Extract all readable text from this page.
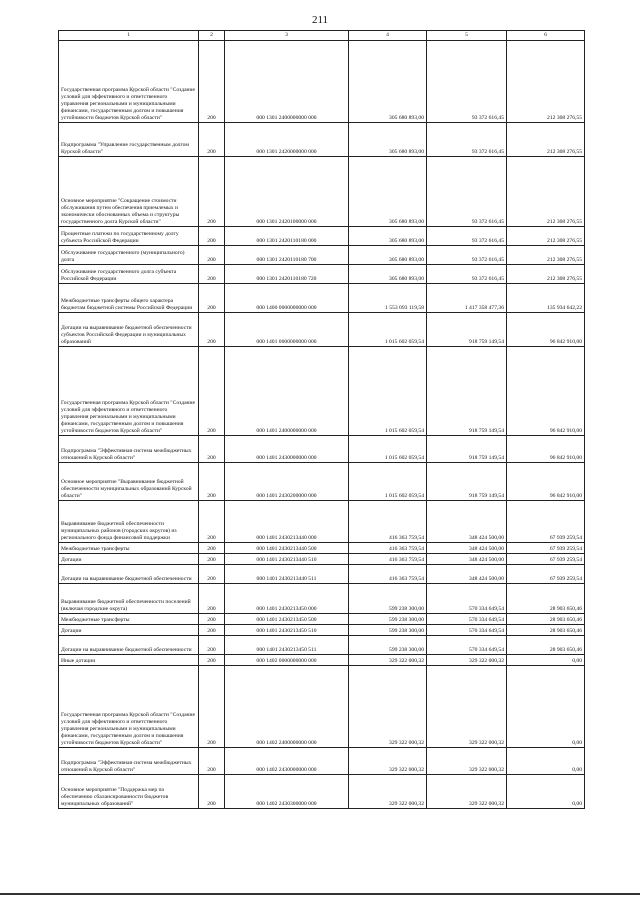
211
1	2	3	4	5	6
Государственная программа Курской области "Создание условий для эффективного и ответственного управления региональными и муниципальными финансами, государственным долгом и повышения устойчивости бюджетов Курской области"	200	000 1301 2400000000 000	305 680 893,00	93 372 616,45	212 308 276,55
Подпрограмма "Управление государственным долгом Курской области"	200	000 1301 2420000000 000	305 680 893,00	93 372 616,45	212 308 276,55
Основное мероприятие "Сокращение стоимости обслуживания путем обеспечения приемлемых и экономически обоснованных объема и структуры государственного долга Курской области"	200	000 1301 2420100000 000	305 680 893,00	93 372 616,45	212 308 276,55
Процентные платежи по государственному долгу субъекта Российской Федерации	200	000 1301 2420110180 000	305 680 893,00	93 372 616,45	212 308 276,55
Обслуживание государственного (муниципального) долга	200	000 1301 2420110180 700	305 680 893,00	93 372 616,45	212 308 276,55
Обслуживание государственного долга субъекта Российской Федерации	200	000 1301 2420110180 720	305 680 893,00	93 372 616,45	212 308 276,55
Межбюджетные трансферты общего характера бюджетам бюджетной системы Российской Федерации	200	000 1400 0000000000 000	1 553 093 119,58	1 417 358 477,36	135 934 642,22
Дотации на выравнивание бюджетной обеспеченности субъектов Российской Федерации и муниципальных образований	200	000 1401 0000000000 000	1 015 602 059,54	918 759 149,54	96 842 910,00
Государственная программа Курской области "Создание условий для эффективного и ответственного управления региональными и муниципальными финансами, государственным долгом и повышения устойчивости бюджетов Курской области"	200	000 1401 2400000000 000	1 015 602 059,54	918 759 149,54	96 842 910,00
Подпрограмма "Эффективная система межбюджетных отношений в Курской области"	200	000 1401 2430000000 000	1 015 602 059,54	918 759 149,54	96 842 910,00
Основное мероприятие "Выравнивание бюджетной обеспеченности муниципальных образований Курской области"	200	000 1401 2430200000 000	1 015 602 059,54	918 759 149,54	96 842 910,00
Выравнивание бюджетной обеспеченности муниципальных районов (городских округов) из регионального фонда финансовой поддержки	200	000 1401 2430213440 000	416 363 759,54	348 424 500,00	67 939 259,54
Межбюджетные трансферты	200	000 1401 2430213440 500	416 363 759,54	348 424 500,00	67 939 259,54
Дотации	200	000 1401 2430213440 510	416 363 759,54	348 424 500,00	67 939 259,54
Дотации на выравнивание бюджетной обеспеченности	200	000 1401 2430213440 511	416 363 759,54	348 424 500,00	67 939 259,54
Выравнивание бюджетной обеспеченности поселений (включая городские округа)	200	000 1401 2430213450 000	599 238 300,00	570 334 649,54	28 903 650,46
Межбюджетные трансферты	200	000 1401 2430213450 500	599 238 300,00	570 334 649,54	28 903 650,46
Дотации	200	000 1401 2430213450 510	599 238 300,00	570 334 649,54	28 903 650,46
Дотации на выравнивание бюджетной обеспеченности	200	000 1401 2430213450 511	599 238 300,00	570 334 649,54	28 903 650,46
Иные дотации	200	000 1402 0000000000 000	329 322 000,32	329 322 000,32	0,00
Государственная программа Курской области "Создание условий для эффективного и ответственного управления региональными и муниципальными финансами, государственным долгом и повышения устойчивости бюджетов Курской области"	200	000 1402 2400000000 000	329 322 000,32	329 322 000,32	0,00
Подпрограмма "Эффективная система межбюджетных отношений в Курской области"	200	000 1402 2430000000 000	329 322 000,32	329 322 000,32	0,00
Основное мероприятие "Поддержка мер по обеспечению сбалансированности бюджетов муниципальных образований"	200	000 1402 2430300000 000	329 322 000,32	329 322 000,32	0,00
